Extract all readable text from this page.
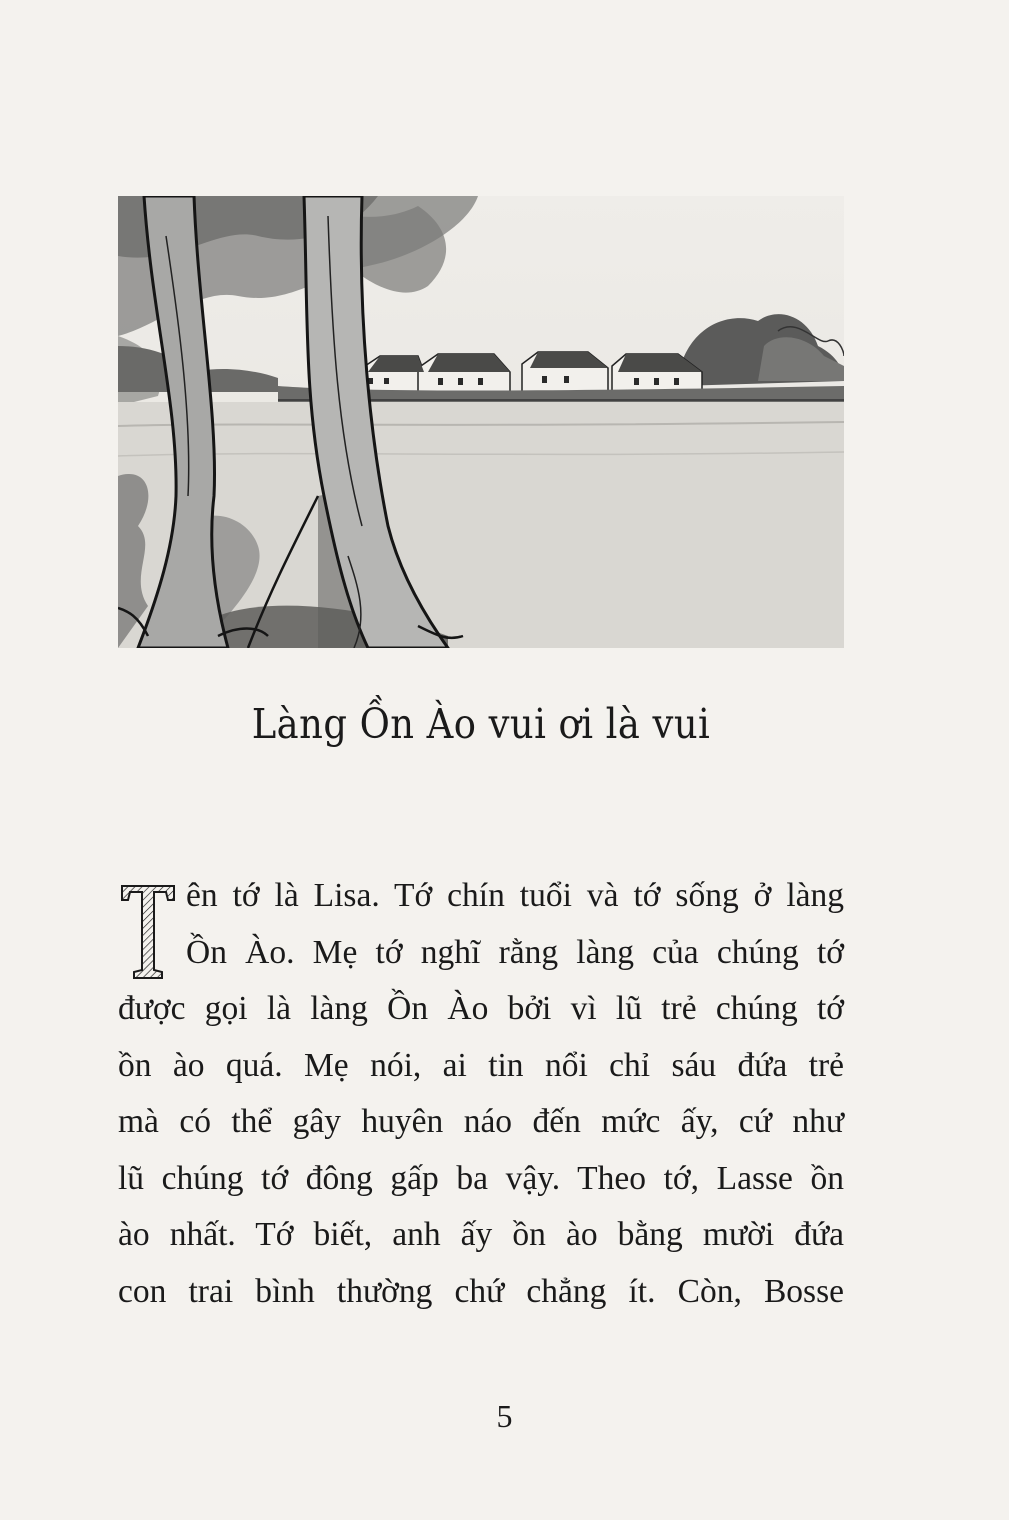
Làng Ồn Ào vui ơi là vui
ên tớ là Lisa. Tớ chín tuổi và tớ sống ở làng
Ồn Ào. Mẹ tớ nghĩ rằng làng của chúng tớ
được gọi là làng Ồn Ào bởi vì lũ trẻ chúng tớ
ồn ào quá. Mẹ nói, ai tin nổi chỉ sáu đứa trẻ
mà có thể gây huyên náo đến mức ấy, cứ như
lũ chúng tớ đông gấp ba vậy. Theo tớ, Lasse ồn
ào nhất. Tớ biết, anh ấy ồn ào bằng mười đứa
con trai bình thường chứ chẳng ít. Còn, Bosse
5
